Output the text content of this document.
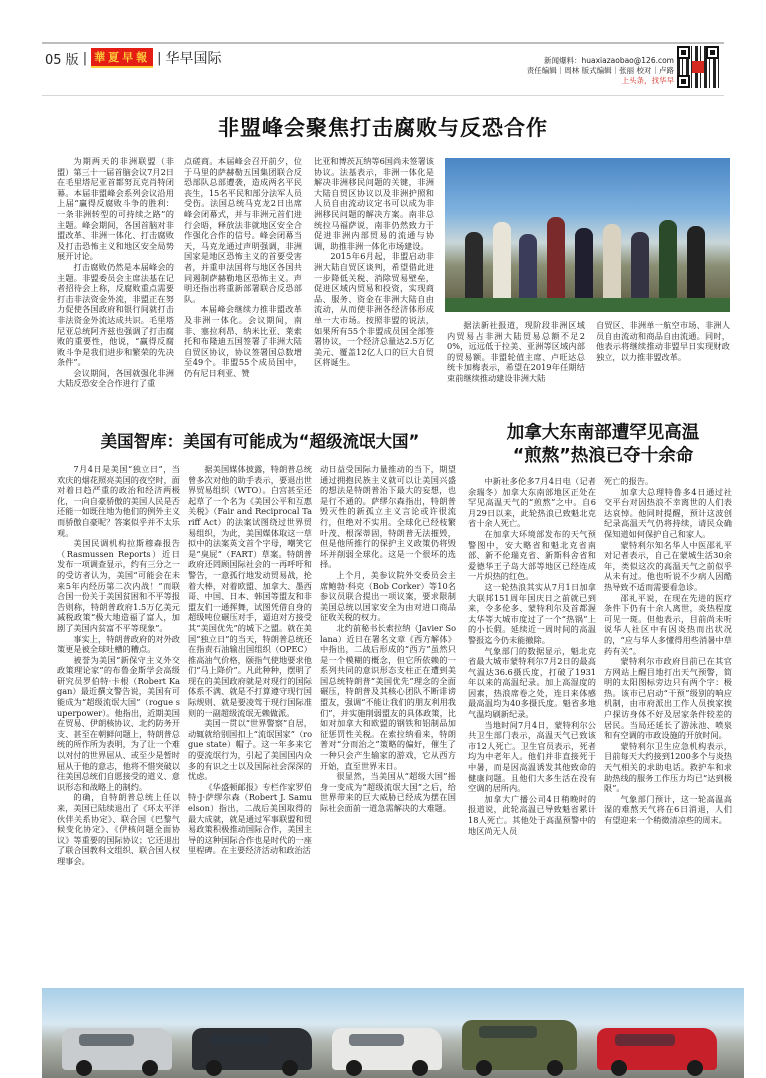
05 版 | 華夏早報 | 华早国际	新闻爆料：huaxiazaobao@126.com
责任编辑｜周林 版式编辑｜张丽 校对｜卢路
上头条，找华早
非盟峰会聚焦打击腐败与反恐合作

为期两天的非洲联盟（非盟）第三十一届首脑会议7月2日在毛里塔尼亚首都努瓦克肖特闭幕。本届非盟峰会系列会议沿用上届“赢得反腐败斗争的胜利：一条非洲转型的可持续之路”的主题。峰会期间，各国首脑对非盟改革、非洲一体化、打击腐败及打击恐怖主义和地区安全局势展开讨论。

打击腐败仍然是本届峰会的主题。非盟委员会主席法基在记者招待会上称，反腐败重点需要打击非法资金外流，非盟正在努力促使各国政府和银行间就打击非法资金外流达成共识。毛里塔尼亚总统阿齐兹也强调了打击腐败的重要性，他说，“赢得反腐败斗争是我们进步和繁荣的先决条件”。

会议期间，各国就强化非洲大陆反恐安全合作进行了重

点磋商。本届峰会召开前夕，位于马里的萨赫勒五国集团联合反恐部队总部遭袭，造成两名平民丧生，15名平民和部分法军人员受伤。法国总统马克龙2日出席峰会闭幕式，并与非洲元首们进行会晤，释放法非就地区安全合作强化合作的信号。峰会闭幕当天，马克龙通过声明强调，非洲国家是地区恐怖主义的首要受害者，并重申法国将与地区各国共同遏制萨赫勒地区恐怖主义。声明还指出将重新部署联合反恐部队。

本届峰会继续力推非盟改革及非洲一体化。会议期间，南非、塞拉利昂、纳米比亚、莱索托和布隆迪五国签署了非洲大陆自贸区协议，协议签署国总数增至49个。非盟55个成员国中，仍有尼日利亚、赞

比亚和博茨瓦纳等6国尚未签署该协议。法基表示，非洲一体化是解决非洲移民问题的关键，非洲大陆自贸区协议以及非洲护照和人员自由流动议定书可以成为非洲移民问题的解决方案。南非总统拉马福萨说，南非仍然致力于促进非洲内部贸易的流通与协调，助推非洲一体化市场建设。

2015年6月起，非盟启动非洲大陆自贸区谈判，希望借此进一步降低关税、消除贸易壁垒，促进区域内贸易和投资，实现商品、服务、资金在非洲大陆自由流动，从而使非洲各经济体形成单一大市场。按照非盟的说法，如果所有55个非盟成员国全部签署协议，一个经济总量达2.5万亿美元、覆盖12亿人口的巨大自贸区将诞生。

据法新社报道，现阶段非洲区域内贸易占非洲大陆贸易总额不足20%，远远低于拉美、亚洲等区域内部的贸易额。非盟轮值主席、卢旺达总统卡加梅表示，希望在2019年任期结束前继续推动建设非洲大陆

自贸区、非洲单一航空市场、非洲人员自由流动和商品自由流通。同时，他表示将继续推动非盟早日实现财政独立，以力推非盟改革。

美国智库：美国有可能成为“超级流氓大国”

7月4日是美国“独立日”，当欢庆的烟花照亮美国的夜空时，面对着日趋严重的政治和经济两极化，一向自豪骄傲的美国人民是否还能一如既往地为他们的例外主义而骄傲自豪呢？答案似乎并不太乐观。

美国民调机构拉斯穆森报告（Rasmussen Reports）近日发布一项调查显示，约有三分之一的受访者认为，美国“可能会在未来5年内经历第二次内战！”而联合国一份关于美国贫困和不平等报告则称，特朗普政府1.5万亿美元减税政策“极大地造福了富人，加剧了美国内贫富不平等现象”。

事实上，特朗普政府的对外政策更是被全球吐槽的糟点。

被誉为美国“新保守主义外交政策理论家”的布鲁金斯学会高级研究员罗伯特·卡根（Robert Kagan）最近撰文警告说，美国有可能成为“超级流氓大国”（rogue superpower）。他指出，近期美国在贸易、伊朗核协议、北约防务开支、甚至在朝鲜问题上，特朗普总统的所作所为表明，为了让一个难以对付的世界屈从、或至少是暂时屈从于他的意志，他将不惜突破以往美国总统们自愿接受的道义、意识形态和战略上的制约。

的确，自特朗普总统上任以来，美国已陆续退出了《环太平洋伙伴关系协定》、联合国《巴黎气候变化协定》、《伊核问题全面协议》等重要的国际协议；它还退出了联合国教科文组织、联合国人权理事会。

据美国媒体披露，特朗普总统曾多次对他的助手表示，要退出世界贸易组织（WTO）。白宫甚至还起草了一个名为《美国公平和互惠关税》（Fair and Reciprocal Tariff Act）的法案试图绕过世界贸易组织，为此，美国媒体取这一草拟中的法案英文首个字母，嘲笑它是“臭屁”（FART）草案。特朗普政府还罔顾国际社会的一再呼吁和警告，一意孤行地发动贸易战，抡着大棒，对着欧盟、加拿大、墨西哥、中国、日本、韩国等盟友和非盟友们一通挥舞，试图凭借自身的超级吨位碾压对手，逼迫对方接受其“美国优先”的城下之盟。就在美国“独立日”的当天，特朗普总统还在指责石油输出国组织（OPEC）推高油气价格，颐指气使地要求他们“马上降价”。凡此种种，摆明了现在的美国政府就是对现行的国际体系不满、就是不打算遵守现行国际规则、就是要凌驾于现行国际准则的一副超级流氓无赖做派。

美国一贯以“世界警察”自居，动辄就给别国扣上“流氓国家”（rogue state）帽子。这一年多来它的耍流氓行为，引起了美国国内众多的有识之士以及国际社会深深的忧虑。

《华盛顿邮报》专栏作家罗伯特·J·萨缪尔森（Robert J. Samuelson）指出，二战后美国取得的最大成就，就是通过军事联盟和贸易政策积极推动国际合作，美国主导的这种国际合作也是时代的一座里程碑。在主要经济活动和政治活

动日益受国际力量推动的当下，期望通过拥抱民族主义就可以让美国兴盛的想法是特朗普治下最大的妄想，也是行不通的。萨缪尔森指出，特朗普毁灭性的新孤立主义言论或许很流行，但绝对不实用。全球化已经枝繁叶茂、根深蒂固，特朗普无法摧毁，但是他所推行的保护主义政策仍将毁坏并削弱全球化。这是一个很坏的选择。

上个月，美参议院外交委员会主席鲍勃·科克（Bob Corker）等10名参议员联合提出一项议案，要求限制美国总统以国家安全为由对进口商品征收关税的权力。

北约前秘书长索拉纳（Javier Solana）近日在署名文章《西方解体》中指出，二战后形成的“西方”虽然只是一个模糊的概念，但它所依赖的一系列共同的意识形态支柱正在遭到美国总统特朗普“美国优先”理念的全面碾压，特朗普及其核心团队不断诽谤盟友，强调“不能让我们的朋友利用我们”，并实施削弱盟友的具体政策，比如对加拿大和欧盟的钢铁和铝制品加征惩罚性关税。在索拉纳看来，特朗普对“分而治之”策略的偏好，催生了一种只会产生输家的游戏，它从西方开始，直至世界末日。

很显然，当美国从“超级大国”摇身一变成为“超级流氓大国”之后，给世界带来的巨大威胁已经成为摆在国际社会面前一道急需解决的大难题。

加拿大东南部遭罕见高温
“煎熬”热浪已夺十余命

中新社多伦多7月4日电（记者 余瑞冬）加拿大东南部地区正处在罕见高温天气的“煎熬”之中。自6月29日以来，此轮热浪已致魁北克省十余人死亡。

在加拿大环境部发布的天气预警图中，安大略省和魁北克省南部、新不伦瑞克省、新斯科舍省和爱德华王子岛大部等地区已经连成一片炽热的红色。

这一轮热浪其实从7月1日加拿大联邦151周年国庆日之前就已到来，令多伦多、蒙特利尔及首都渥太华等大城市度过了一个“热锅”上的小长假。延续近一周时间的高温警报迄今仍未能撤除。

气象部门的数据显示，魁北克省最大城市蒙特利尔7月2日的最高气温达36.6摄氏度，打破了1931年以来的高温纪录。加上高湿度的因素，热浪席卷之处，连日来体感最高温均为40多摄氏度。魁省多地气温均刷新纪录。

当地时间7月4日，蒙特利尔公共卫生部门表示，高温天气已致该市12人死亡。卫生官员表示，死者均为中老年人。他们并非直接死于中暑，而是因高温诱发其他致命的健康问题。且他们大多生活在没有空调的居所内。

加拿大广播公司4日稍晚时的报道说，此轮高温已导致魁省累计18人死亡。其他处于高温预警中的地区尚无人员

死亡的报告。

加拿大总理特鲁多4日通过社交平台对因热浪不幸离世的人们表达哀悼。他同时提醒，预计这波创纪录高温天气仍将持续，请民众确保知道如何保护自己和家人。

蒙特利尔知名华人中医邵礼平对记者表示，自己在蒙城生活30余年，类似这次的高温天气之前似乎从未有过。他也听说不少病人因酷热导致不适而需要看急诊。

邵礼平说，在现在先进的医疗条件下仍有十余人离世，炎热程度可见一斑。但他表示，目前尚未听说华人社区中有因炎热而出状况的，“应与华人多懂得用些消暑中草药有关”。

蒙特利尔市政府目前已在其官方网站上醒目地打出天气预警，简明的太阳图标旁边只有两个字：极热。该市已启动“干预”级别的响应机制，由市府派出工作人员挨家挨户探访身体不好及居家条件较差的居民。当局还延长了游泳池、喷泉和有空调的市政设施的开放时间。

蒙特利尔卫生应急机构表示，目前每天大约接到1200多个与炎热天气相关的求助电话。救护车和求助热线的服务工作压力均已“达到极限”。

气象部门预计，这一轮高温高湿的难熬天气将在6日消退，人们有望迎来一个稍微清凉些的周末。
